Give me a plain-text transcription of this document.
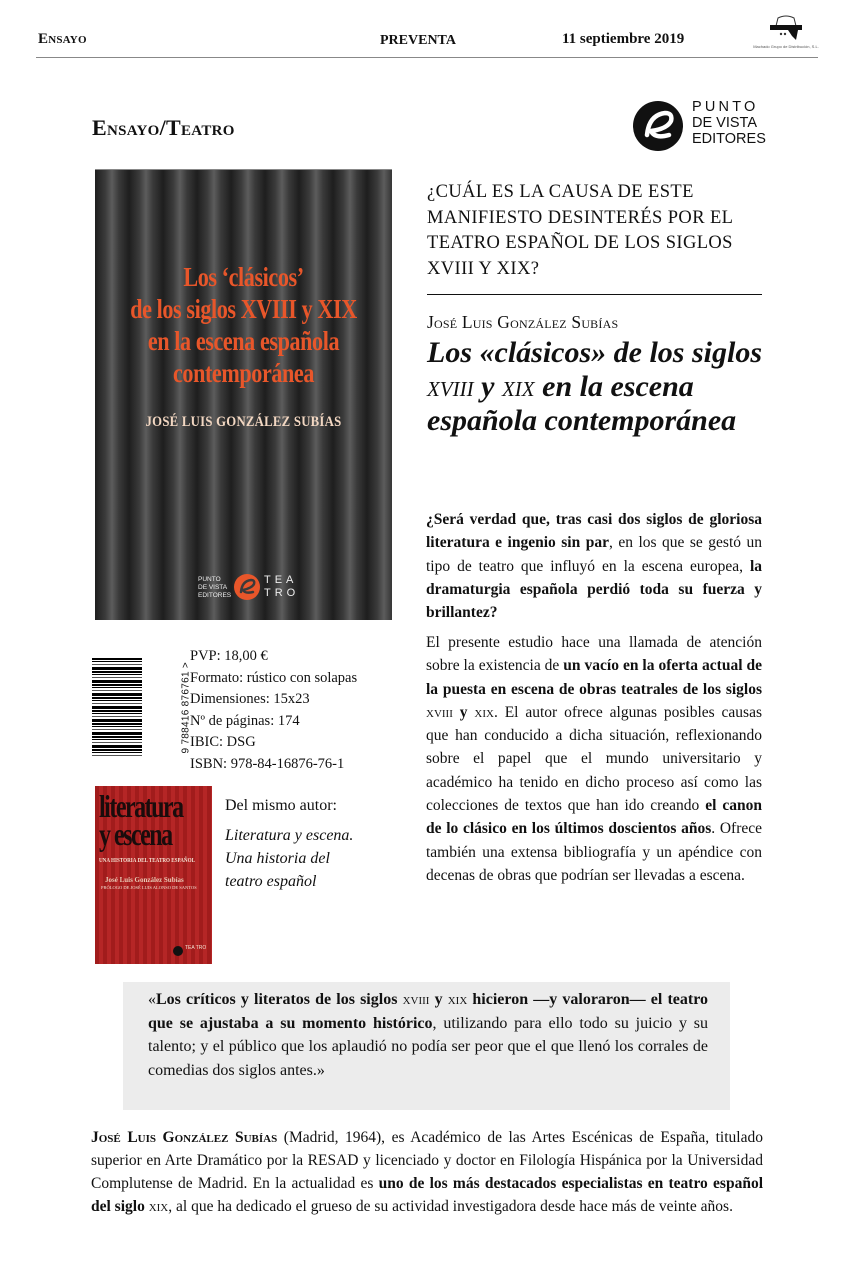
Ensayo	PREVENTA	11 septiembre 2019	Machado Grupo de Distribución, S.L.
Ensayo/Teatro
PUNTO
DE VISTA
EDITORES
Los ‘clásicos’
de los siglos XVIII y XIX
en la escena española
contemporánea
JOSÉ LUIS GONZÁLEZ SUBÍAS
PUNTO
DE VISTA
EDITORES
TEA
TRO
¿CUÁL ES LA CAUSA DE ESTE MANIFIESTO DESINTERÉS POR EL TEATRO ESPAÑOL DE LOS SIGLOS XVIII Y XIX?
José Luis González Subías
Los «clásicos» de los siglos xviii y xix en la escena española contemporánea
¿Será verdad que, tras casi dos siglos de gloriosa literatura e ingenio sin par, en los que se gestó un tipo de teatro que influyó en la escena europea, la dramaturgia española perdió toda su fuerza y brillantez?
El presente estudio hace una llamada de atención sobre la existencia de un vacío en la oferta actual de la puesta en escena de obras teatrales de los siglos xviii y xix. El autor ofrece algunas posibles causas que han conducido a dicha situación, reflexionando sobre el papel que el mundo universitario y académico ha tenido en dicho proceso así como las colecciones de textos que han ido creando el canon de lo clásico en los últimos doscientos años. Ofrece también una extensa bibliografía y un apéndice con decenas de obras que podrían ser llevadas a escena.
9 788416 876761 >
PVP: 18,00 €
Formato: rústico con solapas
Dimensiones: 15x23
Nº de páginas: 174
IBIC: DSG
ISBN: 978-84-16876-76-1
literatura y escena
UNA HISTORIA DEL TEATRO ESPAÑOL
José Luis González Subías
PRÓLOGO DE JOSÉ LUIS ALONSO DE SANTOS
TEA TRO
Del mismo autor:
Literatura y escena.
Una historia del
teatro español
«Los críticos y literatos de los siglos xviii y xix hicieron —y valoraron— el teatro que se ajustaba a su momento histórico, utilizando para ello todo su juicio y su talento; y el público que los aplaudió no podía ser peor que el que llenó los corrales de comedias dos siglos antes.»
José Luis González Subías (Madrid, 1964), es Académico de las Artes Escénicas de España, titulado superior en Arte Dramático por la RESAD y licenciado y doctor en Filología Hispánica por la Universidad Complutense de Madrid. En la actualidad es uno de los más destacados especialistas en teatro español del siglo xix, al que ha dedicado el grueso de su actividad investigadora desde hace más de veinte años.
